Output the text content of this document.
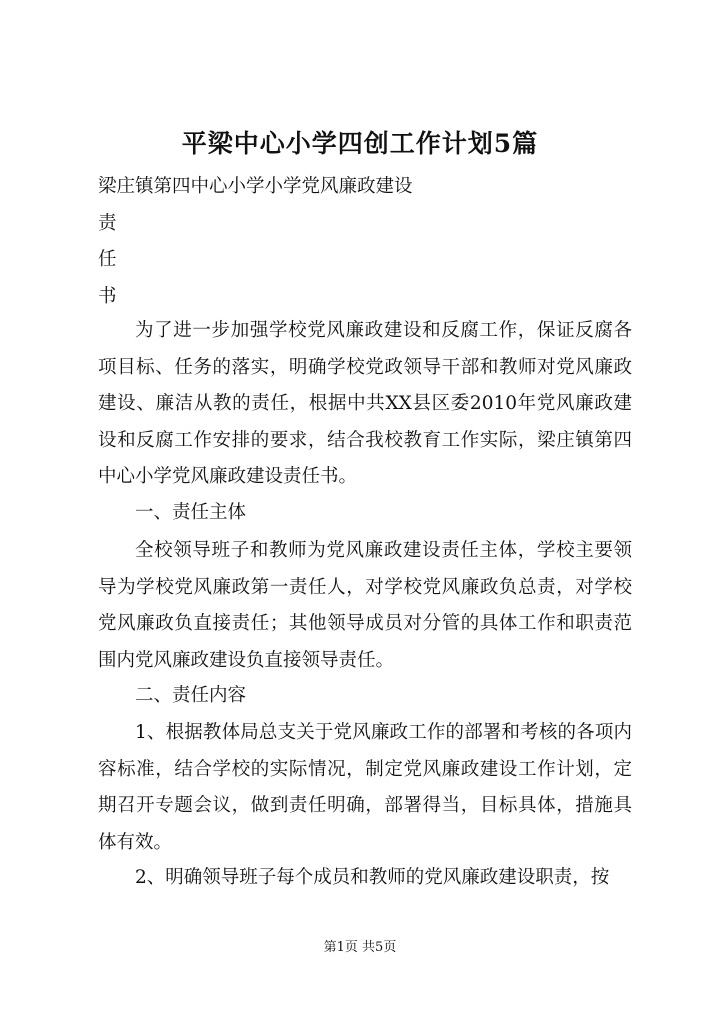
平梁中心小学四创工作计划5篇
梁庄镇第四中心小学小学党风廉政建设
责
任
书

为了进一步加强学校党风廉政建设和反腐工作，保证反腐各项目标、任务的落实，明确学校党政领导干部和教师对党风廉政建设、廉洁从教的责任，根据中共XX县区委2010年党风廉政建设和反腐工作安排的要求，结合我校教育工作实际，梁庄镇第四中心小学党风廉政建设责任书。

一、责任主体

全校领导班子和教师为党风廉政建设责任主体，学校主要领导为学校党风廉政第一责任人，对学校党风廉政负总责，对学校党风廉政负直接责任；其他领导成员对分管的具体工作和职责范围内党风廉政建设负直接领导责任。

二、责任内容

1、根据教体局总支关于党风廉政工作的部署和考核的各项内容标准，结合学校的实际情况，制定党风廉政建设工作计划，定期召开专题会议，做到责任明确，部署得当，目标具体，措施具体有效。

2、明确领导班子每个成员和教师的党风廉政建设职责，按

第1页 共5页
